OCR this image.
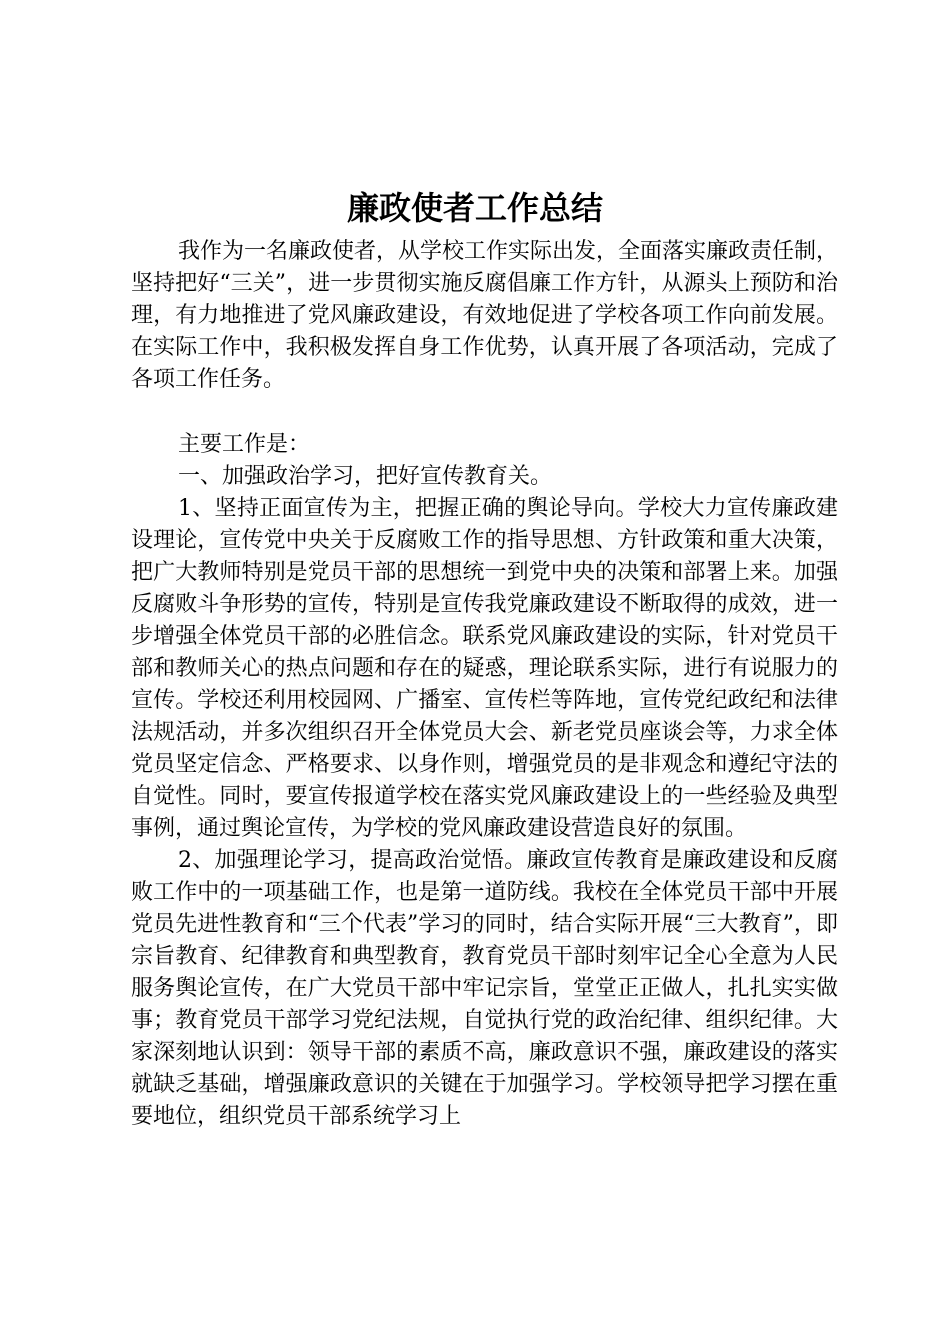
廉政使者工作总结

我作为一名廉政使者，从学校工作实际出发，全面落实廉政责任制，坚持把好“三关”，进一步贯彻实施反腐倡廉工作方针，从源头上预防和治理，有力地推进了党风廉政建设，有效地促进了学校各项工作向前发展。在实际工作中，我积极发挥自身工作优势，认真开展了各项活动，完成了各项工作任务。

主要工作是：

一、加强政治学习，把好宣传教育关。

1、坚持正面宣传为主，把握正确的舆论导向。学校大力宣传廉政建设理论，宣传党中央关于反腐败工作的指导思想、方针政策和重大决策，把广大教师特别是党员干部的思想统一到党中央的决策和部署上来。加强反腐败斗争形势的宣传，特别是宣传我党廉政建设不断取得的成效，进一步增强全体党员干部的必胜信念。联系党风廉政建设的实际，针对党员干部和教师关心的热点问题和存在的疑惑，理论联系实际，进行有说服力的宣传。学校还利用校园网、广播室、宣传栏等阵地，宣传党纪政纪和法律法规活动，并多次组织召开全体党员大会、新老党员座谈会等，力求全体党员坚定信念、严格要求、以身作则，增强党员的是非观念和遵纪守法的自觉性。同时，要宣传报道学校在落实党风廉政建设上的一些经验及典型事例，通过舆论宣传，为学校的党风廉政建设营造良好的氛围。

2、加强理论学习，提高政治觉悟。廉政宣传教育是廉政建设和反腐败工作中的一项基础工作，也是第一道防线。我校在全体党员干部中开展党员先进性教育和“三个代表”学习的同时，结合实际开展“三大教育”，即宗旨教育、纪律教育和典型教育，教育党员干部时刻牢记全心全意为人民服务舆论宣传，在广大党员干部中牢记宗旨，堂堂正正做人，扎扎实实做事；教育党员干部学习党纪法规，自觉执行党的政治纪律、组织纪律。大家深刻地认识到：领导干部的素质不高，廉政意识不强，廉政建设的落实就缺乏基础，增强廉政意识的关键在于加强学习。学校领导把学习摆在重要地位，组织党员干部系统学习上
